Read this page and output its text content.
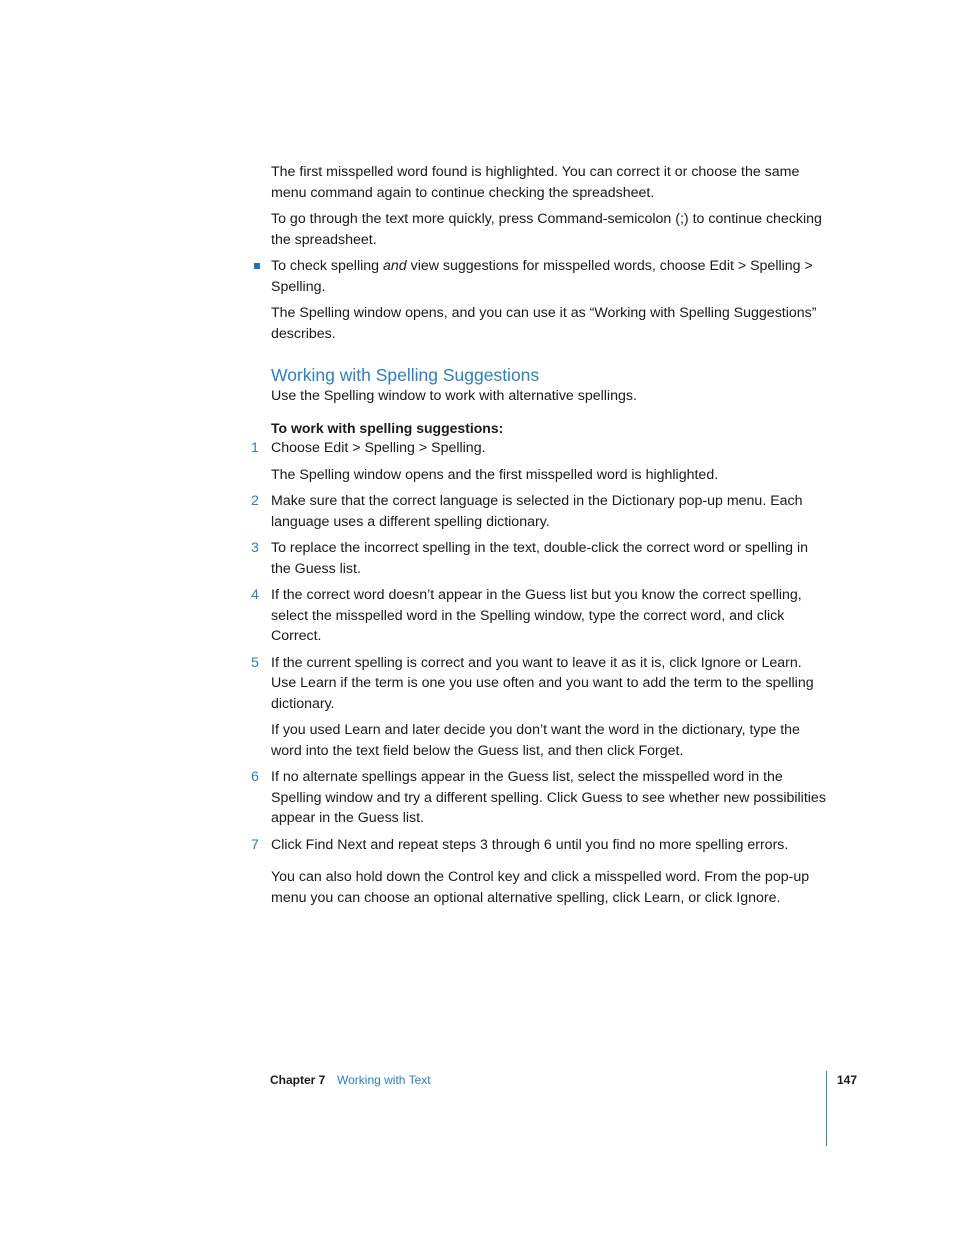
The first misspelled word found is highlighted. You can correct it or choose the same menu command again to continue checking the spreadsheet.

To go through the text more quickly, press Command-semicolon (;) to continue checking the spreadsheet.

To check spelling and view suggestions for misspelled words, choose Edit > Spelling > Spelling.

The Spelling window opens, and you can use it as “Working with Spelling Suggestions” describes.

Working with Spelling Suggestions

Use the Spelling window to work with alternative spellings.

To work with spelling suggestions:

1 Choose Edit > Spelling > Spelling.

The Spelling window opens and the first misspelled word is highlighted.

2 Make sure that the correct language is selected in the Dictionary pop-up menu. Each language uses a different spelling dictionary.

3 To replace the incorrect spelling in the text, double-click the correct word or spelling in the Guess list.

4 If the correct word doesn’t appear in the Guess list but you know the correct spelling, select the misspelled word in the Spelling window, type the correct word, and click Correct.

5 If the current spelling is correct and you want to leave it as it is, click Ignore or Learn. Use Learn if the term is one you use often and you want to add the term to the spelling dictionary.

If you used Learn and later decide you don’t want the word in the dictionary, type the word into the text field below the Guess list, and then click Forget.

6 If no alternate spellings appear in the Guess list, select the misspelled word in the Spelling window and try a different spelling. Click Guess to see whether new possibilities appear in the Guess list.

7 Click Find Next and repeat steps 3 through 6 until you find no more spelling errors.

You can also hold down the Control key and click a misspelled word. From the pop-up menu you can choose an optional alternative spelling, click Learn, or click Ignore.

Chapter 7 Working with Text	147
